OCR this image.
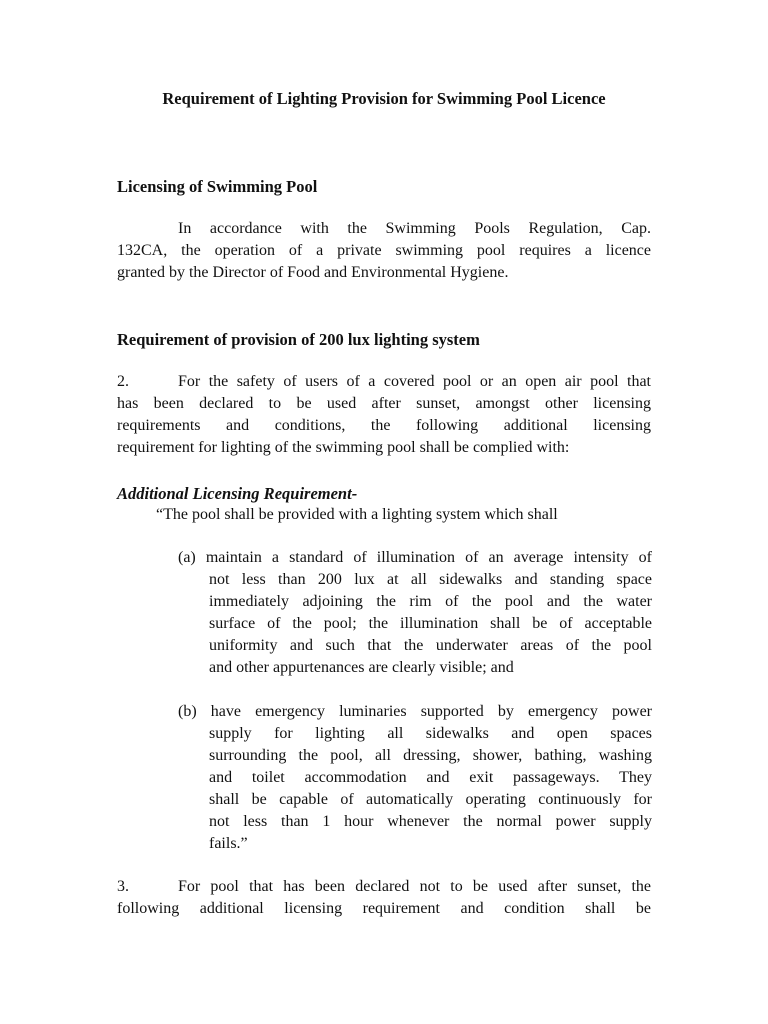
Requirement of Lighting Provision for Swimming Pool Licence
Licensing of Swimming Pool
In accordance with the Swimming Pools Regulation, Cap.
132CA, the operation of a private swimming pool requires a licence
granted by the Director of Food and Environmental Hygiene.
Requirement of provision of 200 lux lighting system
2.	For the safety of users of a covered pool or an open air pool that
has been declared to be used after sunset, amongst other licensing
requirements and conditions, the following additional licensing
requirement for lighting of the swimming pool shall be complied with:
Additional Licensing Requirement-
“The pool shall be provided with a lighting system which shall
(a) maintain a standard of illumination of an average intensity of
not less than 200 lux at all sidewalks and standing space
immediately adjoining the rim of the pool and the water
surface of the pool; the illumination shall be of acceptable
uniformity and such that the underwater areas of the pool
and other appurtenances are clearly visible; and
(b) have emergency luminaries supported by emergency power
supply for lighting all sidewalks and open spaces
surrounding the pool, all dressing, shower, bathing, washing
and toilet accommodation and exit passageways. They
shall be capable of automatically operating continuously for
not less than 1 hour whenever the normal power supply
fails.”
3.	For pool that has been declared not to be used after sunset, the
following additional licensing requirement and condition shall be
